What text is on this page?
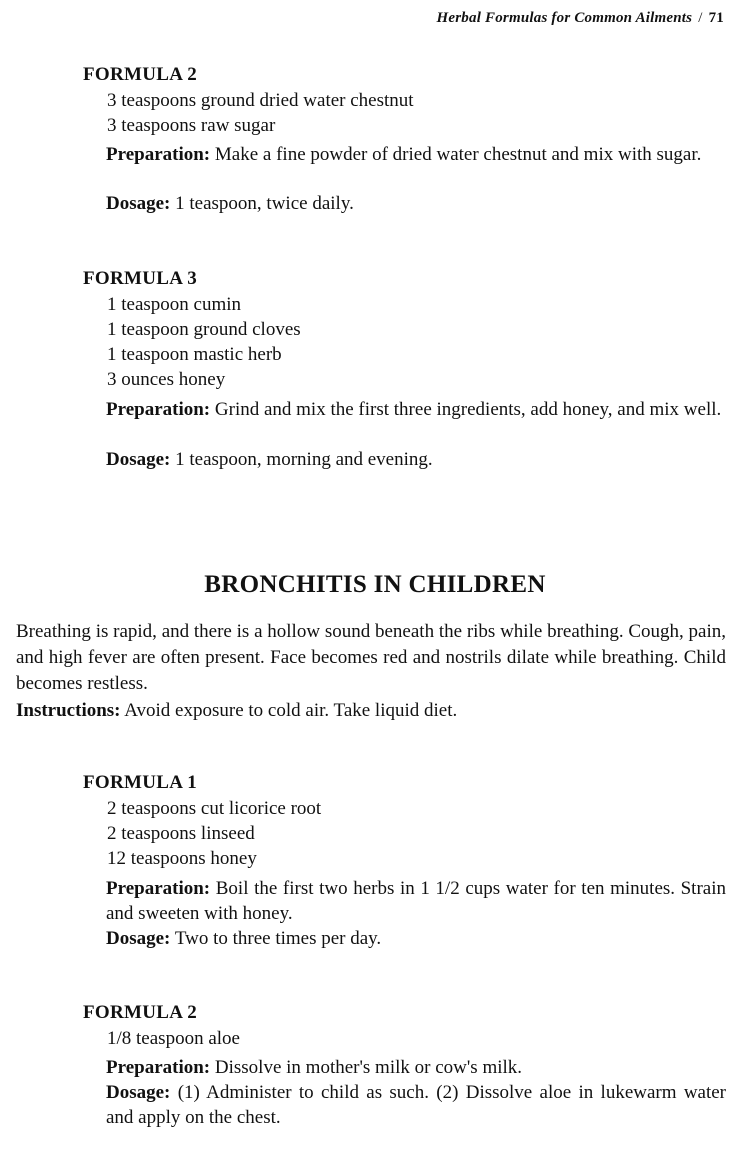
Herbal Formulas for Common Ailments / 71
FORMULA 2
3 teaspoons ground dried water chestnut
3 teaspoons raw sugar
Preparation: Make a fine powder of dried water chestnut and mix with sugar.
Dosage: 1 teaspoon, twice daily.
FORMULA 3
1 teaspoon cumin
1 teaspoon ground cloves
1 teaspoon mastic herb
3 ounces honey
Preparation: Grind and mix the first three ingredients, add honey, and mix well.
Dosage: 1 teaspoon, morning and evening.
BRONCHITIS IN CHILDREN
Breathing is rapid, and there is a hollow sound beneath the ribs while breathing. Cough, pain, and high fever are often present. Face becomes red and nostrils dilate while breathing. Child becomes restless.
Instructions: Avoid exposure to cold air. Take liquid diet.
FORMULA 1
2 teaspoons cut licorice root
2 teaspoons linseed
12 teaspoons honey
Preparation: Boil the first two herbs in 1 1/2 cups water for ten minutes. Strain and sweeten with honey.
Dosage: Two to three times per day.
FORMULA 2
1/8 teaspoon aloe
Preparation: Dissolve in mother's milk or cow's milk.
Dosage: (1) Administer to child as such. (2) Dissolve aloe in lukewarm water and apply on the chest.
